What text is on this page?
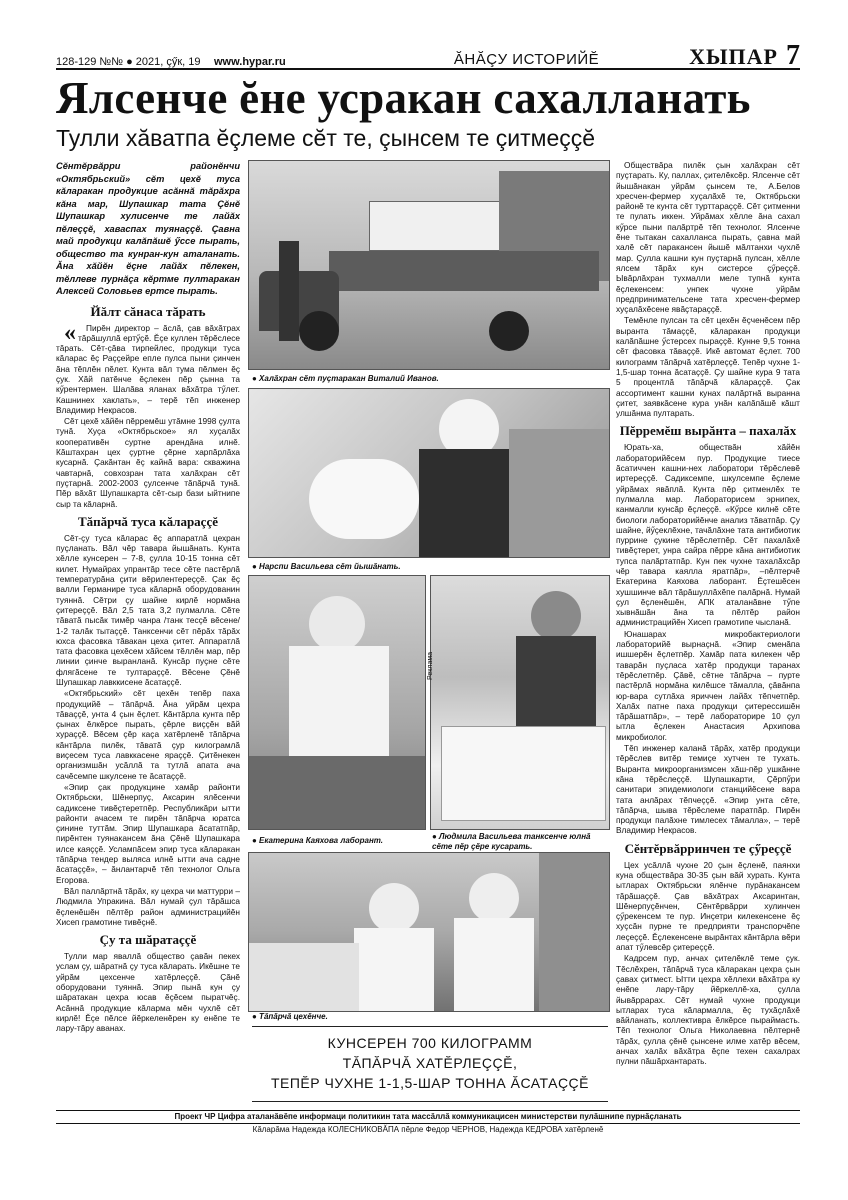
128-129 №№ ● 2021, çӳк, 19	www.hypar.ru	ĂНĂÇУ ИСТОРИЙĔ	ХЫПАР 7
Ялсенче ĕне усракан сахалланать
Тулли хăватпа ĕçлеме сĕт те, çынсем те çитмеççĕ
Сĕнтĕрвăрри районĕнчи «Октябрьский» сĕт цехĕ туса кăларакан продукцие асăннă тăрăхра кăна мар, Шупашкар тата Çĕнĕ Шупашкар хулисенче те лайăх пĕлеççĕ, хаваспах туянаççĕ. Çавна май продукци калăпăшĕ ӳссе пырать, общество та кунран-кун аталанать. Ăна хăйĕн ĕçне лайăх пĕлекен, тĕллеве пурнăçа кĕртме пултаракан Алексей Соловьев ертсе пырать.
Йăлт сăнаса тăрать

« Пирĕн директор – ăслă, çав вăхăтрах тăрăшуллă ертӳçĕ. Ĕçе куллен тĕрĕслесе тăрать. Сĕт-çăва тирпейлес, продукци туса кăларас ĕç Раççейре епле пулса пыни çинчен ăна тĕплĕн пĕлет. Кунта вăл тума пĕлмен ĕç çук. Хăй патĕнче ĕçлекен пĕр çынна та кӳрентермен. Шалăва яланах вăхăтра тӳлет. Кашнинех хаклать», – терĕ тĕп инженер Владимир Некрасов.

Сĕт цехĕ хăйĕн пĕрремĕш утăмне 1998 çулта тунă. Хуçа «Октябрьское» ял хуçалăх кооперативĕн суртне арендăна илнĕ. Кăштахран цех çуртне çĕрне харпăрлăха кусарнă. Çакăнтан ĕç кайнă вара: скважина чавтарнă, совхозран тата халăхран сĕт пуçтарнă. 2002-2003 çулсенче тăпăрчă тунă. Пĕр вăхăт Шупашкарта сĕт-сыр бази ыйтнипе сыр та кăларнă.

Тăпăрчă туса кăлараççĕ

Сĕт-çу туса кăларас ĕç аппаратлă цехран пуçланать. Вăл чĕр тавара йышăнать. Кунта хĕлле кунсерен – 7-8, çулла 10-15 тонна сĕт килет. Нумайрах упрантăр тесе сĕте пастĕрлă температурăна çити вĕрилентереççĕ. Çак ĕç валли Германире туса кăларнă оборудованин туяннă. Сĕтри çу шайне кирлĕ нормăна çитереççĕ. Вăл 2,5 тата 3,2 пулмалла. Сĕте тăватă пысăк тимĕр чанра /танк тесçĕ вĕсене/ 1-2 талăк тытаççĕ. Танксенчи сĕт пĕрăх тăрăх юхса фасовка тăвакан цеха çитет. Аппаратлă тата фасовка цехĕсем хăйсем тĕллĕн мар, пĕр линии çинче выранланă. Кунсăр пуçне сĕте флягăсене те тултараççĕ. Вĕсене Çĕнĕ Шупашкар лавккисене ăсатаççĕ.

«Октябрьский» сĕт цехĕн тепĕр паха продукцийĕ – тăпăрчă. Ăна уйрăм цехра тăваççĕ, унта 4 çын ĕçлет. Кăнтăрла кунта пĕр çынах ĕлкĕрсе пырать, çĕрле виççĕн вăй хураççĕ. Вĕсем çĕр каçа хатĕрленĕ тăпăрча кăнтăрла пилĕк, тăватă çур килограмлă виçесем туса лавккасене яраççĕ. Çитĕнекен организмшăн усăллă та тутлă апата ача сачĕсемпе шкулсене те ăсатаççĕ.

«Эпир çак продукцине хамăр районти Октябрьски, Шĕнерпуç, Аксарин ялĕсенчи садиксене тивĕçтеретпĕр. Республикăри ытти районти ачасем те пирĕн тăпăрча юратса çинине туттăм. Эпир Шупашкара ăсататпăр, пирĕнтен туянакансем ăна Çĕнĕ Шупашкара илсе каяççĕ. Услампăсем эпир туса кăларакан тăпăрча тендер выляса илнĕ ытти ача садне ăсатаççĕ», – ăнлантарчĕ тĕп технолог Ольга Егорова.

Вăл паллăртнă тăрăх, ку цехра чи маттурри – Людмила Упракина. Вăл нумай çул тăрăшса ĕçленĕшĕн пĕлтĕр район администрацийĕн Хисеп грамотине тивĕçнĕ.

Çу та шăратаççĕ

Тулли мар яваллă общество çавăн пекех услам çу, шăратнă çу туса кăларать. Икĕшне те уйрăм цехсенче хатĕрлеççĕ. Çăнĕ оборудовани туяннă. Эпир пынă кун çу шăратакан цехра юсав ĕçĕсем пыратчĕç. Асăннă продукцие кăларма мĕн чухлĕ сĕт кирлĕ! Ĕçе пĕлсе йĕркеленĕрен ку енĕпе те лару-тăру аванах.

● Халăхран сĕт пуçтаракан Виталий Иванов.
● Нарспи Васильева сĕт йышăнать.
● Екатерина Каяхова лаборант.
Реклама
● Людмила Васильева танксенче юлнă сĕте пĕр çĕре кусарать.
● Тăпăрчă цехĕнче.
КУНСЕРЕН 700 КИЛОГРАММ
ТĂПĂРЧĂ ХАТĔРЛЕÇÇĔ,
ТЕПĔР ЧУХНЕ 1-1,5-ШАР ТОННА ĂСАТАÇÇĔ

Обществăра пилĕк çын халăхран сĕт пуçтарать. Ку, паллах, çителĕксĕр. Ялсенче сĕт йышăнакан уйрăм çынсем те, А.Белов хресчен-фермер хуçалăхĕ те, Октябрьски районĕ те кунта сĕт турттараççĕ. Сĕт çитменни те пулать иккен. Уйрăмах хĕлле ăна сахал кӳрсе пыни палăртрĕ тĕп технолог. Ялсенче ĕне тытакан сахалланса пырать, çавна май халĕ сĕт паракансен йышĕ мăлтанхи чухлĕ мар. Çулла кашни кун пуçтарнă пулсан, хĕлле ялсем тăрăх кун систерсе çӳреççĕ. Ывăрлăхран тухмалли меле тупнă кунта ĕçлекенсем: унпек чухне уйрăм предпринимательсене тата хресчен-фермер хуçалăхĕсене явăçтараççĕ.

Темĕнле пулсан та сĕт цехĕн ĕçченĕсем пĕр выранта тăмаççĕ, кăларакан продукци калăпăшне ӳстерсех пыраççĕ. Кунне 9,5 тонна сĕт фасовка тăваççĕ. Икĕ автомат ĕçлет. 700 килограмм тăпăрчă хатĕрлеççĕ. Тепĕр чухне 1-1,5-шар тонна ăсатаççĕ. Çу шайне кура 9 тата 5 процентлă тăпăрчă кăлараççĕ. Çак ассортимент кашни кунах палăртнă выранна çитет, заявкăсене кура унăн калăпăшĕ кăшт улшăнма пултарать.

Пĕрремĕш вырăнта – пахалăх

Юрать-ха, обществăн хăйĕн лабораторийĕсем пур. Продукцие тиесе ăсатиччен кашни-нех лаборатори тĕрĕслевĕ иртереççĕ. Садиксемпе, шкулсемпе ĕçлеме уйрăмах явăплă. Кунта пĕр çитменлĕх те пулмалла мар. Лабораторисем эрнипех, канмалли кунсăр ĕçлеççĕ. «Кӳрсе килнĕ сĕте биологи лабораторийĕнче анализ тăватпăр. Çу шайне, йӳçеклĕхне, тачăлăхне тата антибиотик пуррине çукине тĕрĕслетпĕр. Сĕт пахалăхĕ тивĕçтерет, унра сайра пĕрре кăна антибиотик тупса палăртатпăр. Кун пек чухне тахалăхсăр чĕр тавара каялла яратпăр», –пĕлтерчĕ Екатерина Каяхова лаборант. Ĕçтешĕсен хушшинче вăл тăрăшуллăхĕпе палăрнă. Нумай çул ĕçленĕшĕн, АПК аталанăвне тӳпе хывнăшăн ăна та пĕлтĕр район администрацийĕн Хисеп грамотипе чысланă.

Юнашарах микробактериологи лабораторийĕ вырнаçнă. «Эпир сменăпа ишшерĕн ĕçлетпĕр. Хамăр пата килекен чĕр таварăн пуçласа хатĕр продукци таранах тĕрĕслетпĕр. Çăвĕ, сĕтне тăпăрча – пурте пастĕрлă нормăна килĕшсе тăмалла, çăвăнпа юр-вара сутлăха яриччен лайăх тĕпчетпĕр. Халăх патне паха продукци çитерессишĕн тăрăшатпăр», – терĕ лабораторире 10 çул ытла ĕçлекен Анастасия Архипова микробиолог.

Тĕп инженер каланă тăрăх, хатĕр продукци тĕрĕслев витĕр темиçе хутчен те тухать. Выранта микроорганизмсен хăш-пĕр ушкăнне кăна тĕрĕслеççĕ. Шупашкарти, Çĕрпӳри санитари эпидемиологи станцийĕсене вара тата анлăрах тĕпчеççĕ. «Эпир унта сĕте, тăпăрча, шыва тĕрĕслеме паратпăр. Пирĕн продукци палăхне тимлесех тăмалла», – терĕ Владимир Некрасов.

Сĕнтĕрвăрринчен те çӳреççĕ

Цех усăллă чухне 20 çын ĕçленĕ, паянхи куна обществăра 30-35 çын вăй хурать. Кунта ытларах Октябрьски ялĕнче пурăнакансем тăрăшаççĕ. Çав вăхăтрах Аксаринтан, Шĕнерпуçĕнчен, Сĕнтĕрвăрри хулинчен çӳрекенсем те пур. Инçетри килекенсене ĕç хуçсăн пурне те предприяти транспорчĕпе леçеççĕ. Ĕçлекенсене вырăнтах кăнтăрла вĕри апат тӳлевсĕр çитереççĕ.

Кадрсем пур, анчах çителĕклĕ теме çук. Тĕслĕхрен, тăпăрчă туса кăларакан цехра çын çавах çитмест. Ытти цехра хĕллехи вăхăтра ку енĕпе лару-тăру йĕркеллĕ-ха, çулла йывăррарах. Сĕт нумай чухне продукци ытларах туса кăлармалла, ĕç тухăçлăхĕ вăйланать, коллективра ĕлкĕрсе пыраймасть. Тĕп технолог Ольга Николаевна пĕлтернĕ тăрăх, çулла çĕнĕ çынсене илме хатĕр вĕсем, анчах халăх вăхăтра ĕçпе техен сахалрах пулни пăшăрхантарать.

Проект ЧР Цифра аталанăвĕпе информаци политикин тата массăллă коммуникацисен министерстви пулăшнипе пурнăçланать
Кăларăма Надежда КОЛЕСНИКОВĂПА пĕрле Федор ЧЕРНОВ, Надежда КЕДРОВА хатĕрленĕ
